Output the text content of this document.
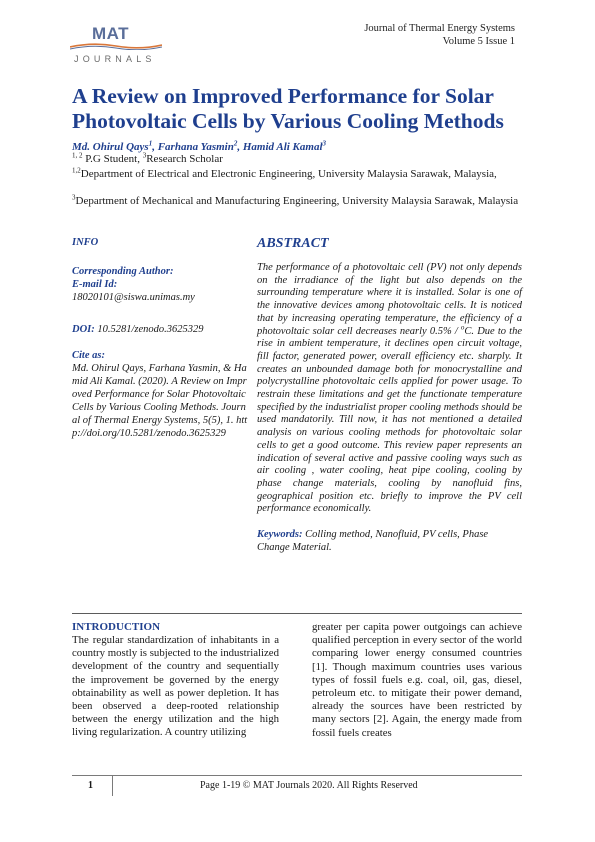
MAT
JOURNALS
Journal of Thermal Energy Systems
Volume 5 Issue 1
A Review on Improved Performance for Solar
Photovoltaic Cells by Various Cooling Methods
Md. Ohirul Qays$^1$, Farhana Yasmin$^2$, Hamid Ali Kamal$^3$
$^{1, 2}$ P.G Student, $^3$Research Scholar
$^{1,2}$Department of Electrical and Electronic Engineering, University Malaysia Sarawak, Malaysia,
$^3$Department of Mechanical and Manufacturing Engineering, University Malaysia Sarawak, Malaysia
INFO
Corresponding Author:
E-mail Id:
18020101@siswa.unimas.my
DOI: 10.5281/zenodo.3625329
Cite as:
Md. Ohirul Qays, Farhana Yasmin, & Hamid Ali Kamal. (2020). A Review on Improved Performance for Solar Photovoltaic Cells by Various Cooling Methods. Journal of Thermal Energy Systems, 5(5), 1. http://doi.org/10.5281/zenodo.3625329
ABSTRACT
The performance of a photovoltaic cell (PV) not only depends on the irradiance of the light but also depends on the surrounding temperature where it is installed. Solar is one of the innovative devices among photovoltaic cells. It is noticed that by increasing operating temperature, the efficiency of a photovoltaic solar cell decreases nearly 0.5% / $^o$C. Due to the rise in ambient temperature, it declines open circuit voltage, fill factor, generated power, overall efficiency etc. sharply. It creates an unbounded damage both for monocrystalline and polycrystalline photovoltaic cells applied for power usage. To restrain these limitations and get the functionate temperature specified by the industrialist proper cooling methods should be used mandatorily. Till now, it has not mentioned a detailed analysis on various cooling methods for photovoltaic solar cells to get a good outcome. This review paper represents an indication of several active and passive cooling ways such as air cooling , water cooling, heat pipe cooling, cooling by phase change materials, cooling by nanofluid fins, geographical position etc. briefly to improve the PV cell performance economically.
Keywords: Colling method, Nanofluid, PV cells, Phase Change Material.
INTRODUCTION
The regular standardization of inhabitants in a country mostly is subjected to the industrialized development of the country and sequentially the improvement be governed by the energy obtainability as well as power depletion. It has been observed a deep-rooted relationship between the energy utilization and the high living regularization. A country utilizing
greater per capita power outgoings can achieve qualified perception in every sector of the world comparing lower energy consumed countries [1]. Though maximum countries uses various types of fossil fuels e.g. coal, oil, gas, diesel, petroleum etc. to mitigate their power demand, already the sources have been restricted by many sectors [2]. Again, the energy made from fossil fuels creates
1	Page 1-19 © MAT Journals 2020. All Rights Reserved
